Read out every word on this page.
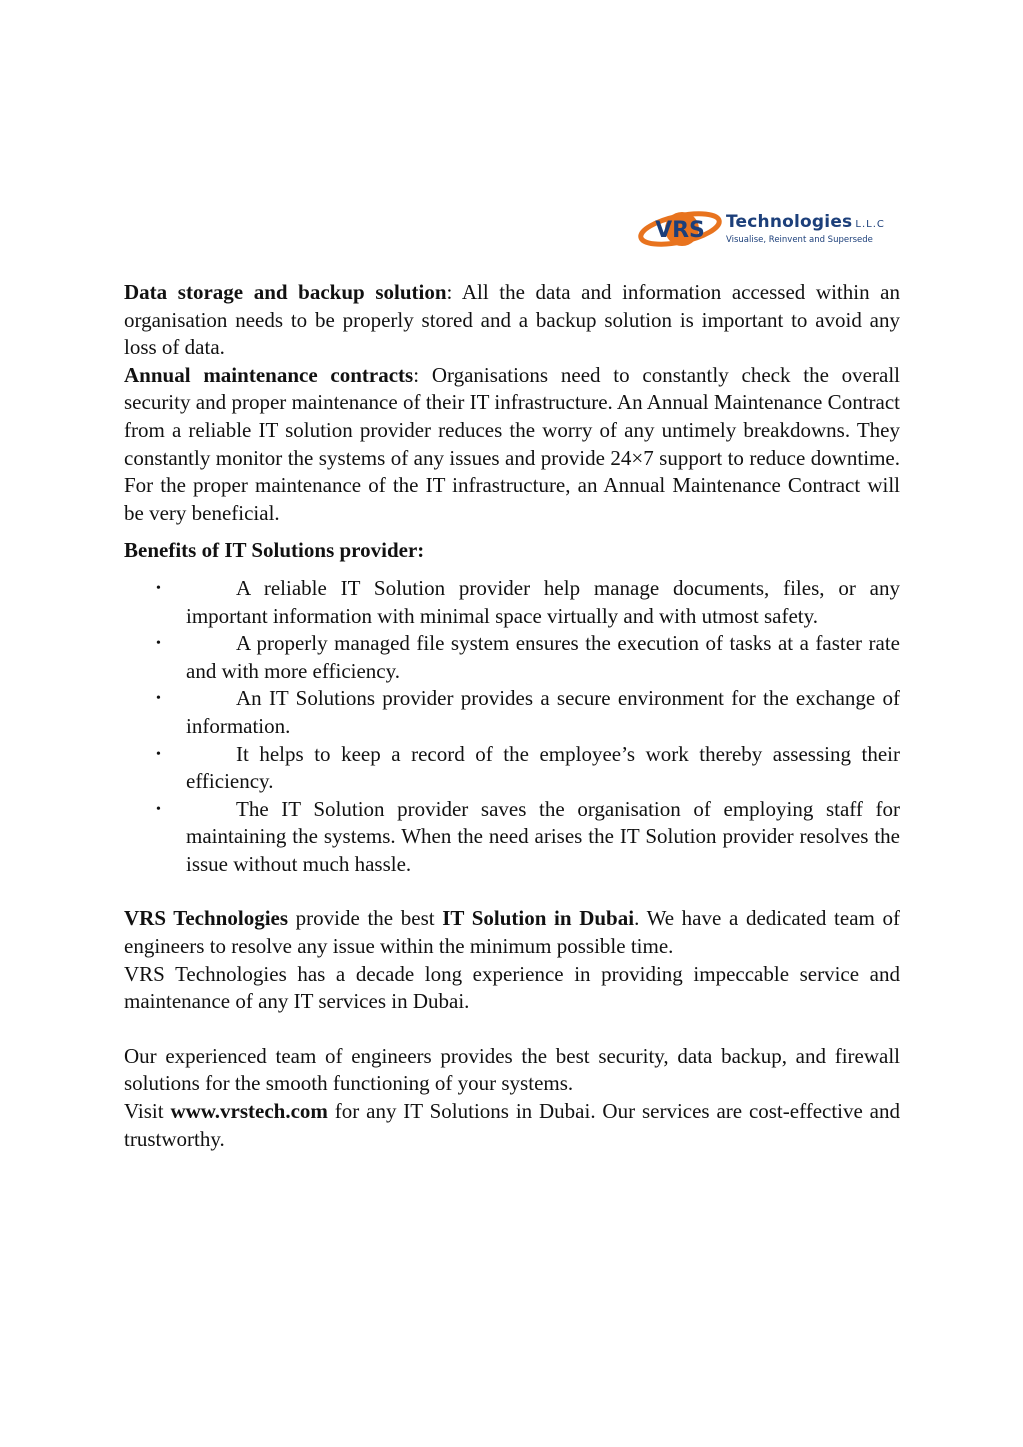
VRS Technologies L.L.C
Visualise, Reinvent and Supersede

Data storage and backup solution: All the data and information accessed within an organisation needs to be properly stored and a backup solution is important to avoid any loss of data.

Annual maintenance contracts: Organisations need to constantly check the overall security and proper maintenance of their IT infrastructure. An Annual Maintenance Contract from a reliable IT solution provider reduces the worry of any untimely breakdowns. They constantly monitor the systems of any issues and provide 24×7 support to reduce downtime. For the proper maintenance of the IT infrastructure, an Annual Maintenance Contract will be very beneficial.

Benefits of IT Solutions provider:

•	A reliable IT Solution provider help manage documents, files, or any important information with minimal space virtually and with utmost safety.
•	A properly managed file system ensures the execution of tasks at a faster rate and with more efficiency.
•	An IT Solutions provider provides a secure environment for the exchange of information.
•	It helps to keep a record of the employee’s work thereby assessing their efficiency.
•	The IT Solution provider saves the organisation of employing staff for maintaining the systems. When the need arises the IT Solution provider resolves the issue without much hassle.

VRS Technologies provide the best IT Solution in Dubai. We have a dedicated team of engineers to resolve any issue within the minimum possible time.

VRS Technologies has a decade long experience in providing impeccable service and maintenance of any IT services in Dubai.

Our experienced team of engineers provides the best security, data backup, and firewall solutions for the smooth functioning of your systems.

Visit www.vrstech.com for any IT Solutions in Dubai. Our services are cost-effective and trustworthy.
